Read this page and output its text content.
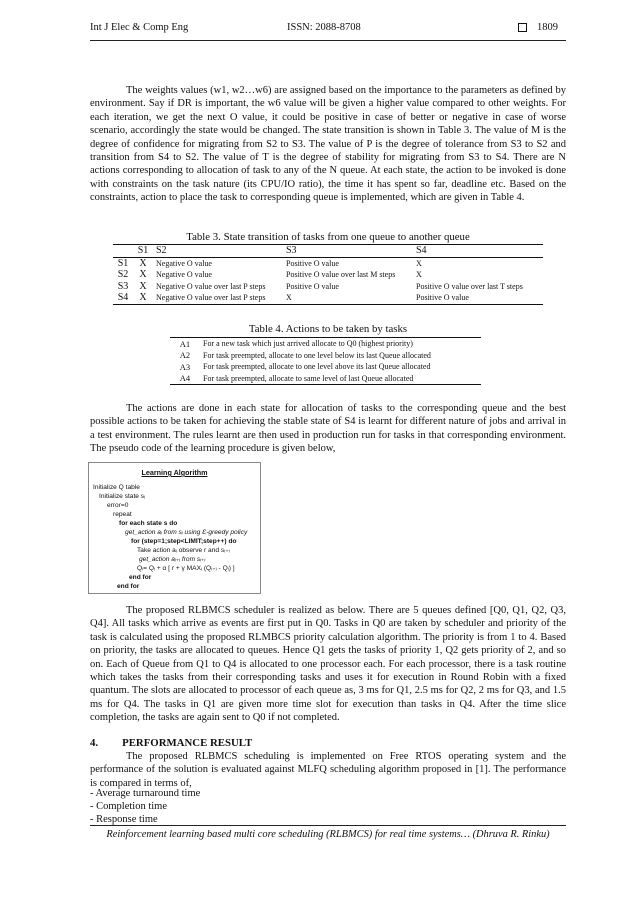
Int J Elec & Comp Eng	ISSN: 2088-8708	1809
The weights values (w1, w2…w6) are assigned based on the importance to the parameters as defined by environment. Say if DR is important, the w6 value will be given a higher value compared to other weights. For each iteration, we get the next O value, it could be positive in case of better or negative in case of worse scenario, accordingly the state would be changed. The state transition is shown in Table 3. The value of M is the degree of confidence for migrating from S2 to S3. The value of P is the degree of tolerance from S3 to S2 and transition from S4 to S2. The value of T is the degree of stability for migrating from S3 to S4. There are N actions corresponding to allocation of task to any of the N queue. At each state, the action to be invoked is done with constraints on the task nature (its CPU/IO ratio), the time it has spent so far, deadline etc. Based on the constraints, action to place the task to corresponding queue is implemented, which are given in Table 4.
Table 3. State transition of tasks from one queue to another queue
	S1	S2	S3	S4
S1	X	Negative O value	Positive O value	X
S2	X	Negative O value	Positive O value over last M steps	X
S3	X	Negative O value over last P steps	Positive O value	Positive O value over last T steps
S4	X	Negative O value over last P steps	X	Positive O value
Table 4. Actions to be taken by tasks
A1	For a new task which just arrived allocate to Q0 (highest priority)
A2	For task preempted, allocate to one level below its last Queue allocated
A3	For task preempted, allocate to one level above its last Queue allocated
A4	For task preempted, allocate to same level of last Queue allocated
The actions are done in each state for allocation of tasks to the corresponding queue and the best possible actions to be taken for achieving the stable state of S4 is learnt for different nature of jobs and arrival in a test environment. The rules learnt are then used in production run for tasks in that corresponding environment. The pseudo code of the learning procedure is given below,
Learning Algorithm
Initialize Q table
Initialize state sᵢ
error=0
repeat
for each state s do
get_action aᵢ from sᵢ using Ɛ-greedy policy
for (step=1;step<LIMIT;step++) do
Take action aᵢ observe r and sᵢ₊ᵢ
get_action aᵢ₊ᵢ from sᵢ₊ᵢ
Qᵢ= Qᵢ + α [ r + γ MAXᵢ (Qᵢ₊ᵢ - Qᵢ) ]
end for
end for
The proposed RLBMCS scheduler is realized as below. There are 5 queues defined [Q0, Q1, Q2, Q3, Q4]. All tasks which arrive as events are first put in Q0. Tasks in Q0 are taken by scheduler and priority of the task is calculated using the proposed RLMBCS priority calculation algorithm. The priority is from 1 to 4. Based on priority, the tasks are allocated to queues. Hence Q1 gets the tasks of priority 1, Q2 gets priority of 2, and so on. Each of Queue from Q1 to Q4 is allocated to one processor each. For each processor, there is a task routine which takes the tasks from their corresponding tasks and uses it for execution in Round Robin with a fixed quantum. The slots are allocated to processor of each queue as, 3 ms for Q1, 2.5 ms for Q2, 2 ms for Q3, and 1.5 ms for Q4. The tasks in Q1 are given more time slot for execution than tasks in Q4. After the time slice completion, the tasks are again sent to Q0 if not completed.
4. PERFORMANCE RESULT
The proposed RLBMCS scheduling is implemented on Free RTOS operating system and the performance of the solution is evaluated against MLFQ scheduling algorithm proposed in [1]. The performance is compared in terms of,
- Average turnaround time
- Completion time
- Response time
Reinforcement learning based multi core scheduling (RLBMCS) for real time systems… (Dhruva R. Rinku)
